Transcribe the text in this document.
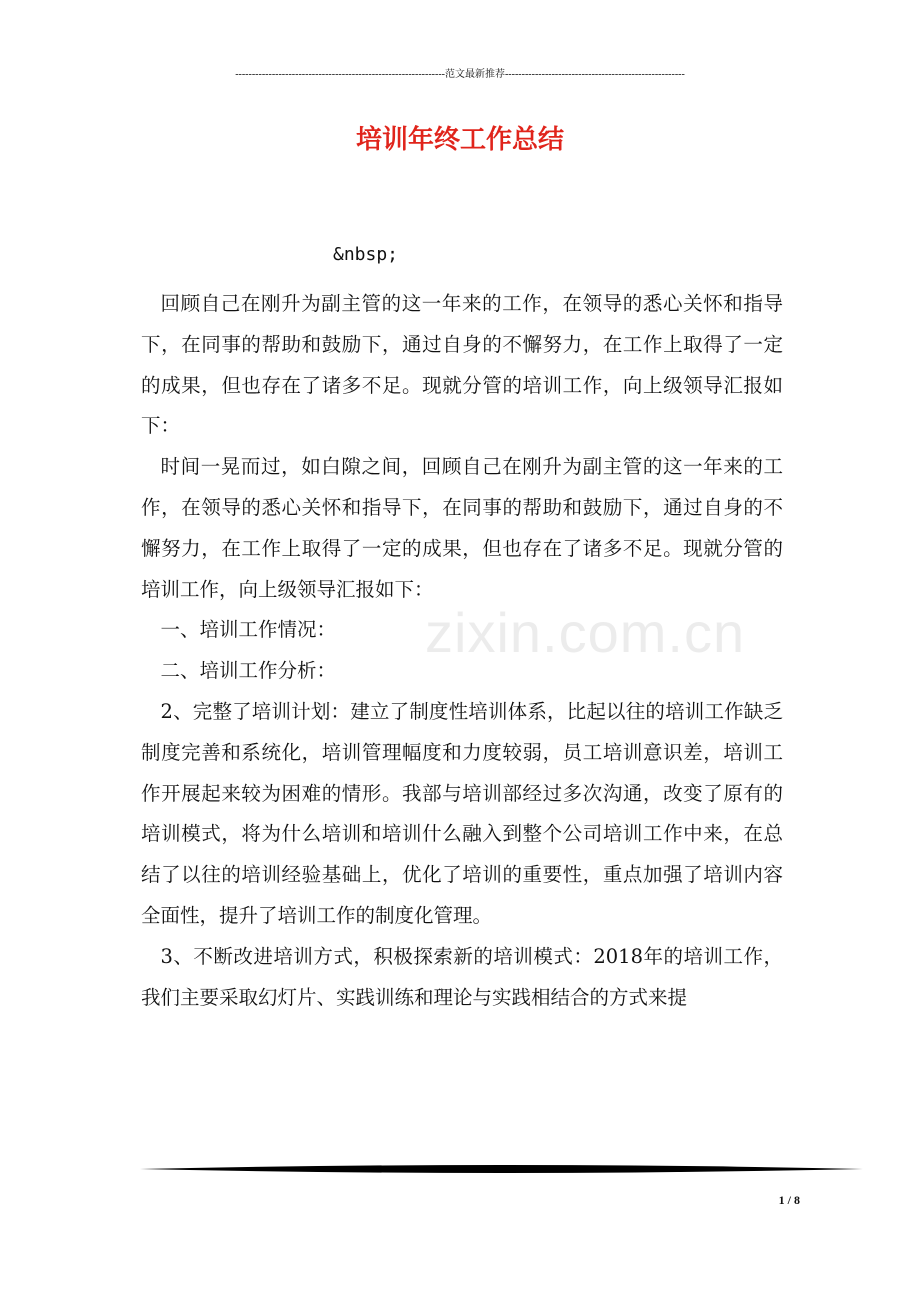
---------------------------------------------------------------范文最新推荐------------------------------------------------------
培训年终工作总结
&nbsp;

回顾自己在刚升为副主管的这一年来的工作，在领导的悉心关怀和指导下，在同事的帮助和鼓励下，通过自身的不懈努力，在工作上取得了一定的成果，但也存在了诸多不足。现就分管的培训工作，向上级领导汇报如下：

时间一晃而过，如白隙之间，回顾自己在刚升为副主管的这一年来的工作，在领导的悉心关怀和指导下，在同事的帮助和鼓励下，通过自身的不懈努力，在工作上取得了一定的成果，但也存在了诸多不足。现就分管的培训工作，向上级领导汇报如下：

一、培训工作情况：

二、培训工作分析：

2、完整了培训计划：建立了制度性培训体系，比起以往的培训工作缺乏制度完善和系统化，培训管理幅度和力度较弱，员工培训意识差，培训工作开展起来较为困难的情形。我部与培训部经过多次沟通，改变了原有的培训模式，将为什么培训和培训什么融入到整个公司培训工作中来，在总结了以往的培训经验基础上，优化了培训的重要性，重点加强了培训内容全面性，提升了培训工作的制度化管理。

3、不断改进培训方式，积极探索新的培训模式：2018年的培训工作，我们主要采取幻灯片、实践训练和理论与实践相结合的方式来提

zixin.com.cn
1 / 8
